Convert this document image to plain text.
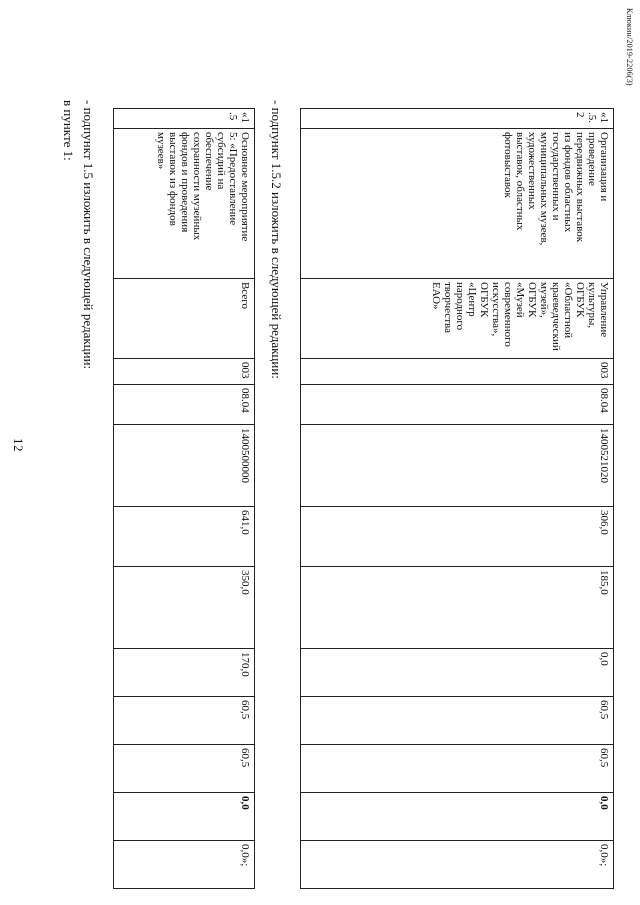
12
в пункте 1: - подпункт 1.5 изложить в следующей редакции:	«1.5	Основное мероприятие
5: «Предоставление
субсидий на
обеспечение
сохранности музейных
фондов и проведения
выставок из фондов
музеев»	Всего	003	08.04	1400500000	641,0	350,0	170,0	60,5	60,5	0,0	0,0»;
- подпункт 1.5.2 изложить в следующей редакции:	«1.5.2	Организация и
проведение
передвижных выставок
из фондов областных
государственных и
муниципальных музеев,
художественных
выставок, областных
фотовыставок	Управление
культуры,
ОГБУК
«Областной
краеведческий
музей»,
ОГБУК
«Музей
современного
искусства»,
ОГБУК
«Центр
народного
творчества
ЕАО»	003	08.04	1400521020	306,0	185,0	0,0	60,5	60,5	0,0	0,0»;
Клюкин/2019-2206(3)
